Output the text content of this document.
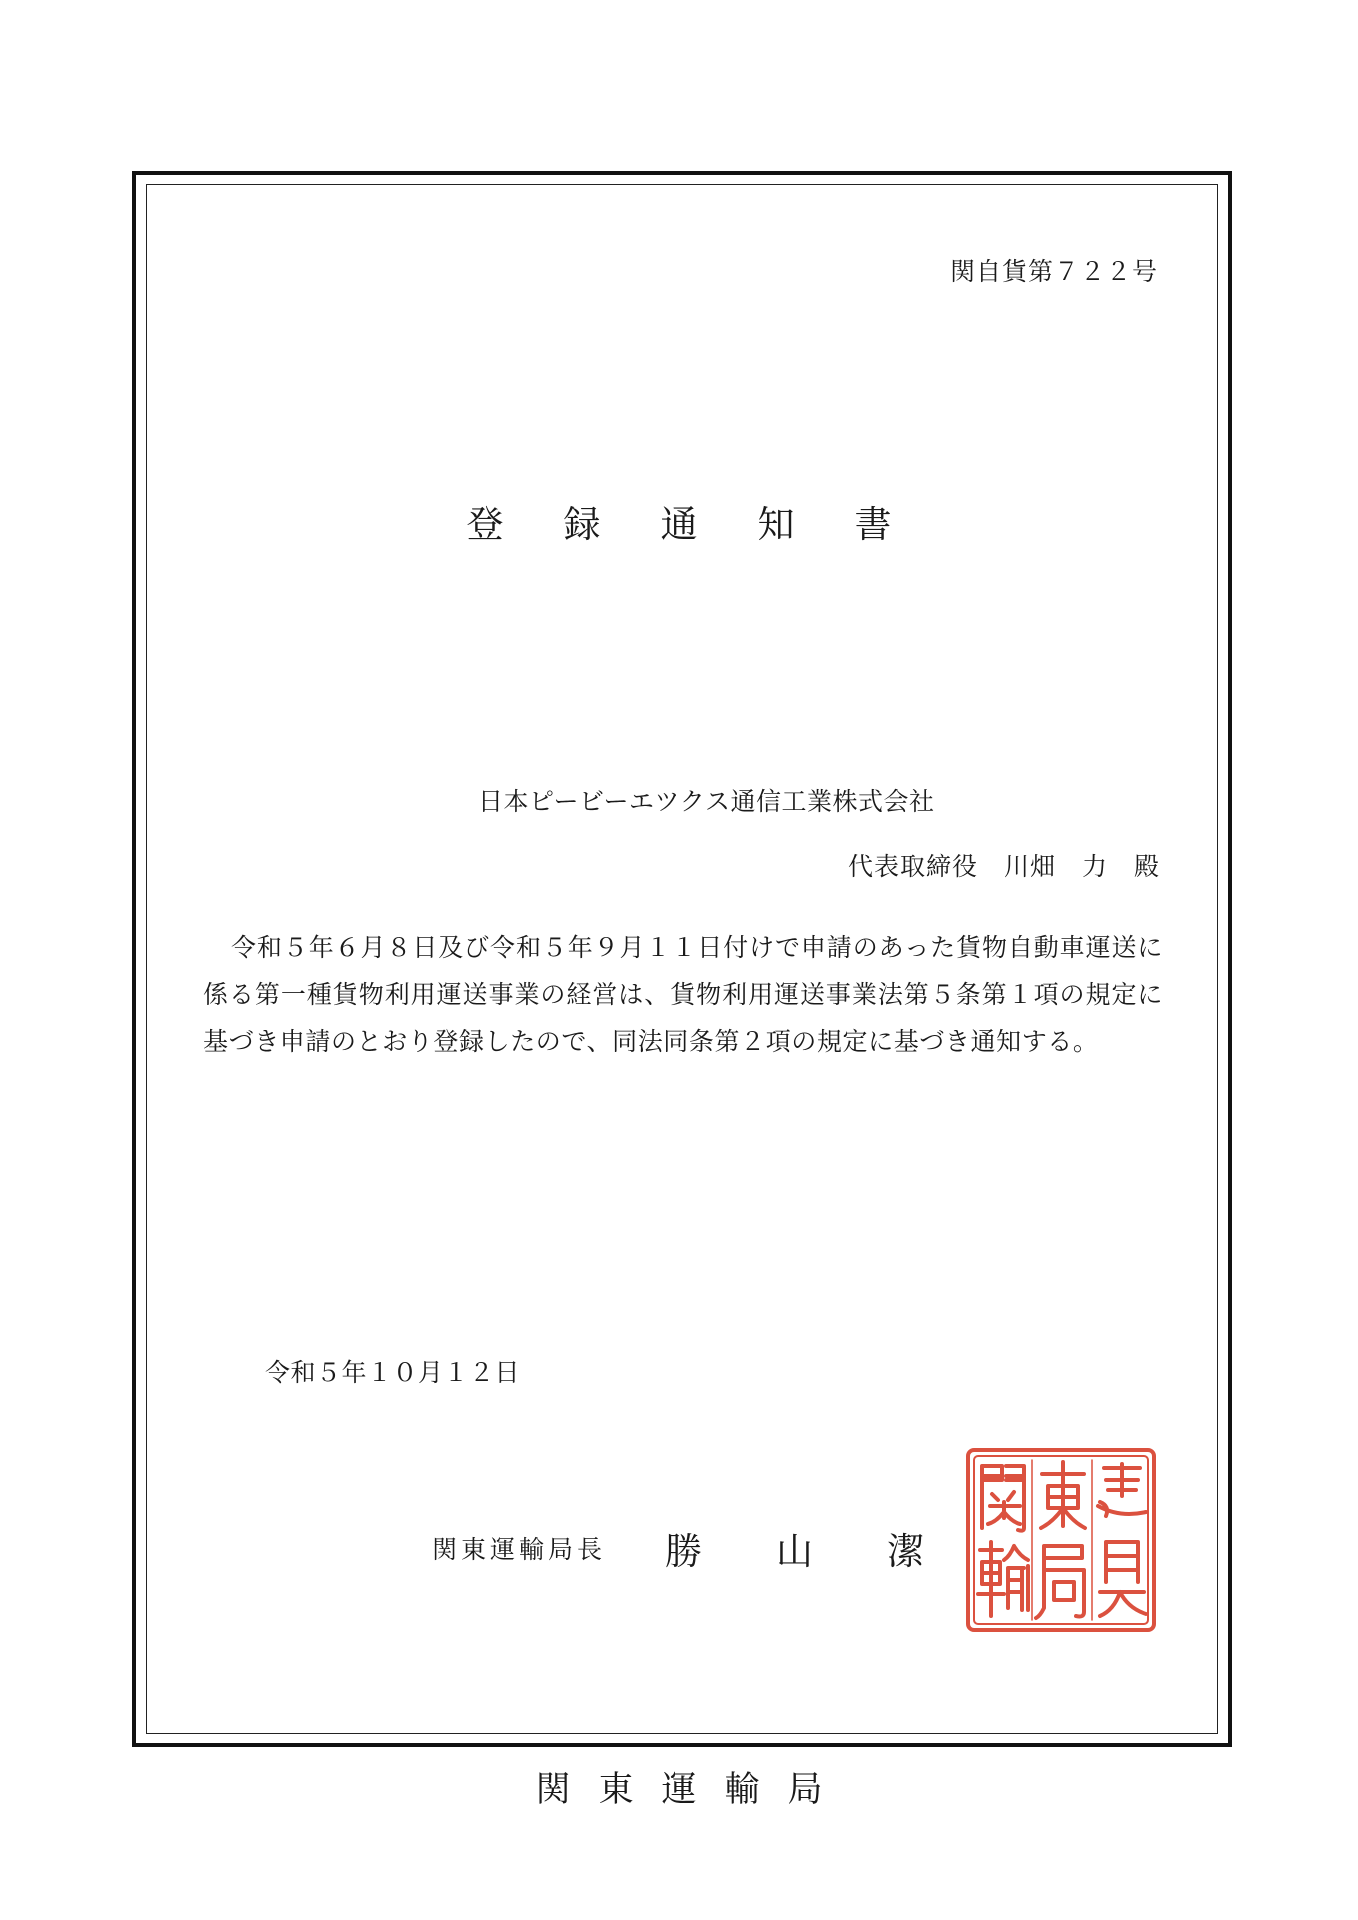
関自貨第７２２号
登録通知書
日本ピービーエツクス通信工業株式会社
代表取締役　川畑　力　殿
令和５年６月８日及び令和５年９月１１日付けで申請のあった貨物自動車運送に係る第一種貨物利用運送事業の経営は、貨物利用運送事業法第５条第１項の規定に基づき申請のとおり登録したので、同法同条第２項の規定に基づき通知する。
令和５年１０月１２日
関東運輸局長 勝　　山　　潔
関東運輸局
